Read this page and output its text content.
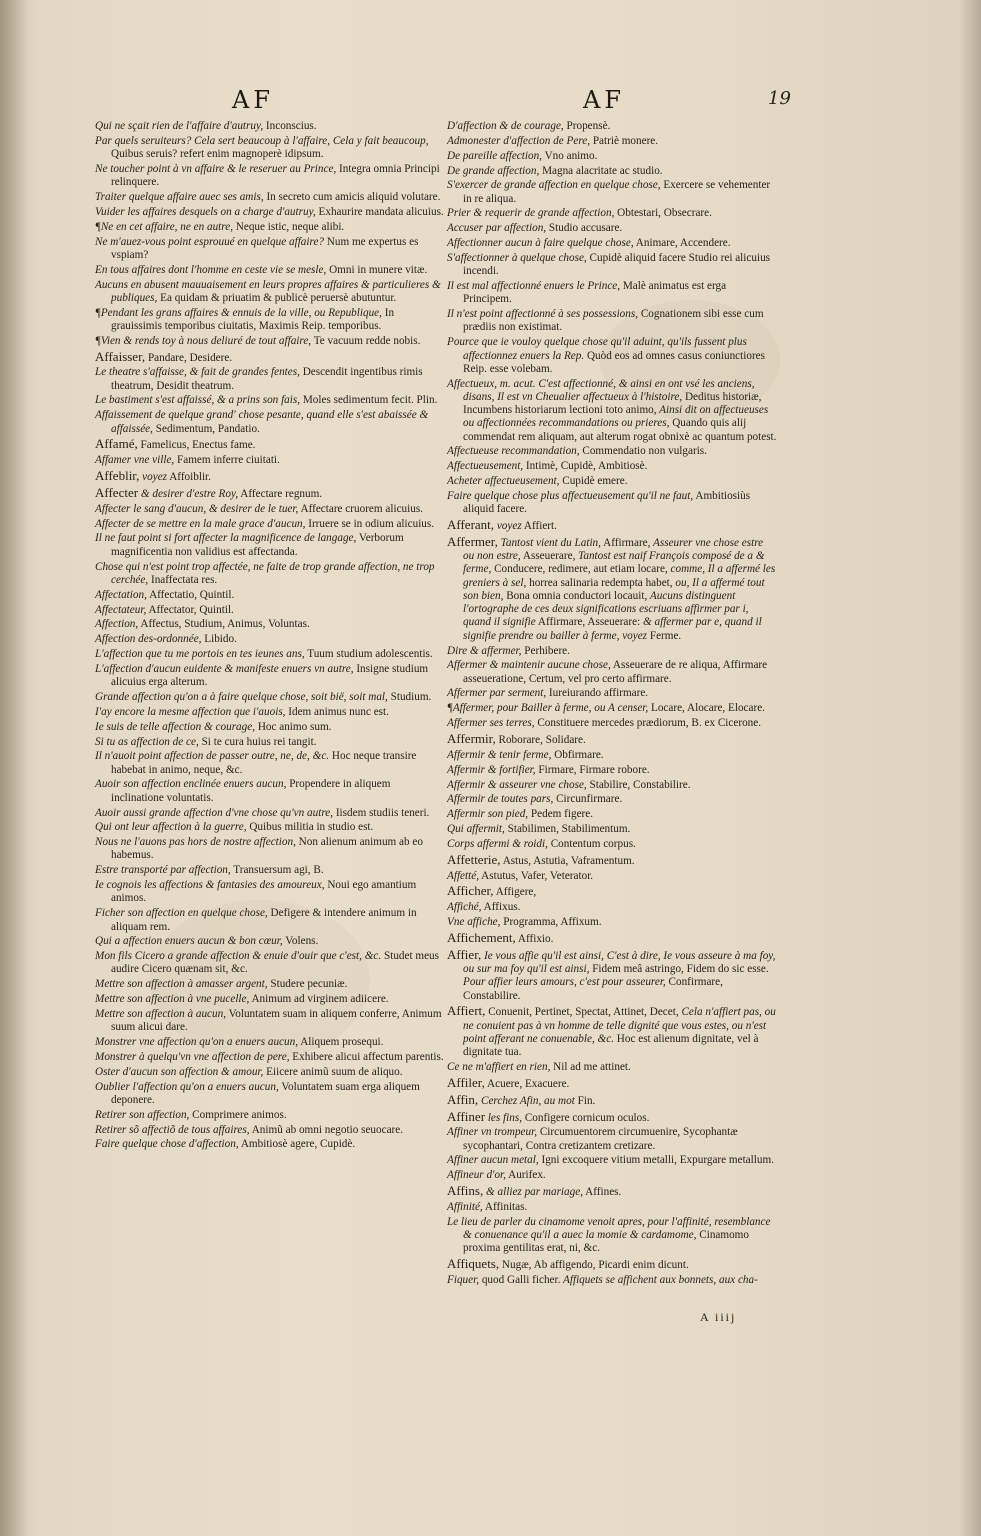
AF	AF	19

Qui ne sçait rien de l'affaire d'autruy, Inconscius.

Par quels seruiteurs? Cela sert beaucoup à l'affaire, Cela y fait beaucoup, Quibus seruis? refert enim magnoperè idipsum.

Ne toucher point à vn affaire & le reseruer au Prince, Integra omnia Principi relinquere.

Traiter quelque affaire auec ses amis, In secreto cum amicis aliquid volutare.

Vuider les affaires desquels on a charge d'autruy, Exhaurire mandata alicuius.

¶Ne en cet affaire, ne en autre, Neque istic, neque alibi.

Ne m'auez-vous point esprouué en quelque affaire? Num me expertus es vspiam?

En tous affaires dont l'homme en ceste vie se mesle, Omni in munere vitæ.

Aucuns en abusent mauuaisement en leurs propres affaires & particulieres & publiques, Ea quidam & priuatim & publicè peruersè abutuntur.

¶Pendant les grans affaires & ennuis de la ville, ou Republique, In grauissimis temporibus ciuitatis, Maximis Reip. temporibus.

¶Vien & rends toy à nous deliuré de tout affaire, Te vacuum redde nobis.

Affaisser, Pandare, Desidere.

Le theatre s'affaisse, & fait de grandes fentes, Descendit ingentibus rimis theatrum, Desidit theatrum.

Le bastiment s'est affaissé, & a prins son fais, Moles sedimentum fecit. Plin.

Affaissement de quelque grand' chose pesante, quand elle s'est abaissée & affaissée, Sedimentum, Pandatio.

Affamé, Famelicus, Enectus fame.

Affamer vne ville, Famem inferre ciuitati.

Affeblir, voyez Affoiblir.

Affecter & desirer d'estre Roy, Affectare regnum.

Affecter le sang d'aucun, & desirer de le tuer, Affectare cruorem alicuius.

Affecter de se mettre en la male grace d'aucun, Irruere se in odium alicuius.

Il ne faut point si fort affecter la magnificence de langage, Verborum magnificentia non validius est affectanda.

Chose qui n'est point trop affectée, ne faite de trop grande affection, ne trop cerchée, Inaffectata res.

Affectation, Affectatio, Quintil.

Affectateur, Affectator, Quintil.

Affection, Affectus, Studium, Animus, Voluntas.

Affection des-ordonnée, Libido.

L'affection que tu me portois en tes ieunes ans, Tuum studium adolescentis.

L'affection d'aucun euidente & manifeste enuers vn autre, Insigne studium alicuius erga alterum.

Grande affection qu'on a à faire quelque chose, soit bië, soit mal, Studium.

I'ay encore la mesme affection que i'auois, Idem animus nunc est.

Ie suis de telle affection & courage, Hoc animo sum.

Si tu as affection de ce, Si te cura huius rei tangit.

Il n'auoit point affection de passer outre, ne, de, &c. Hoc neque transire habebat in animo, neque, &c.

Auoir son affection enclinée enuers aucun, Propendere in aliquem inclinatione voluntatis.

Auoir aussi grande affection d'vne chose qu'vn autre, Iisdem studiis teneri.

Qui ont leur affection à la guerre, Quibus militia in studio est.

Nous ne l'auons pas hors de nostre affection, Non alienum animum ab eo habemus.

Estre transporté par affection, Transuersum agi, B.

Ie cognois les affections & fantasies des amoureux, Noui ego amantium animos.

Ficher son affection en quelque chose, Defigere & intendere animum in aliquam rem.

Qui a affection enuers aucun & bon cœur, Volens.

Mon fils Cicero a grande affection & enuie d'ouir que c'est, &c. Studet meus audire Cicero quænam sit, &c.

Mettre son affection à amasser argent, Studere pecuniæ.

Mettre son affection à vne pucelle, Animum ad virginem adiicere.

Mettre son affection à aucun, Voluntatem suam in aliquem conferre, Animum suum alicui dare.

Monstrer vne affection qu'on a enuers aucun, Aliquem prosequi.

Monstrer à quelqu'vn vne affection de pere, Exhibere alicui affectum parentis.

Oster d'aucun son affection & amour, Eiicere animũ suum de aliquo.

Oublier l'affection qu'on a enuers aucun, Voluntatem suam erga aliquem deponere.

Retirer son affection, Comprimere animos.

Retirer sõ affectiõ de tous affaires, Animũ ab omni negotio seuocare.

Faire quelque chose d'affection, Ambitiosè agere, Cupidè.

D'affection & de courage, Propensè.

Admonester d'affection de Pere, Patriè monere.

De pareille affection, Vno animo.

De grande affection, Magna alacritate ac studio.

S'exercer de grande affection en quelque chose, Exercere se vehementer in re aliqua.

Prier & requerir de grande affection, Obtestari, Obsecrare.

Accuser par affection, Studio accusare.

Affectionner aucun à faire quelque chose, Animare, Accendere.

S'affectionner à quelque chose, Cupidè aliquid facere Studio rei alicuius incendi.

Il est mal affectionné enuers le Prince, Malè animatus est erga Principem.

Il n'est point affectionné à ses possessions, Cognationem sibi esse cum prædiis non existimat.

Pource que ie vouloy quelque chose qu'il aduint, qu'ils fussent plus affectionnez enuers la Rep. Quòd eos ad omnes casus coniunctiores Reip. esse volebam.

Affectueux, m. acut. C'est affectionné, & ainsi en ont vsé les anciens, disans, Il est vn Cheualier affectueux à l'histoire, Deditus historiæ, Incumbens historiarum lectioni toto animo, Ainsi dit on affectueuses ou affectionnées recommandations ou prieres, Quando quis alij commendat rem aliquam, aut alterum rogat obnixè ac quantum potest.

Affectueuse recommandation, Commendatio non vulgaris.

Affectueusement, Intimè, Cupidè, Ambitiosè.

Acheter affectueusement, Cupidè emere.

Faire quelque chose plus affectueusement qu'il ne faut, Ambitiosiùs aliquid facere.

Afferant, voyez Affiert.

Affermer, Tantost vient du Latin, Affirmare, Asseurer vne chose estre ou non estre, Asseuerare, Tantost est naif François composé de a & ferme, Conducere, redimere, aut etiam locare, comme, Il a affermé les greniers à sel, horrea salinaria redempta habet, ou, Il a affermé tout son bien, Bona omnia conductori locauit, Aucuns distinguent l'ortographe de ces deux significations escriuans affirmer par i, quand il signifie Affirmare, Asseuerare: & affermer par e, quand il signifie prendre ou bailler à ferme, voyez Ferme.

Dire & affermer, Perhibere.

Affermer & maintenir aucune chose, Asseuerare de re aliqua, Affirmare asseueratione, Certum, vel pro certo affirmare.

Affermer par serment, Iureiurando affirmare.

¶Affermer, pour Bailler à ferme, ou A censer, Locare, Alocare, Elocare.

Affermer ses terres, Constituere mercedes prædiorum, B. ex Cicerone.

Affermir, Roborare, Solidare.

Affermir & tenir ferme, Obfirmare.

Affermir & fortifier, Firmare, Firmare robore.

Affermir & asseurer vne chose, Stabilire, Constabilire.

Affermir de toutes pars, Circunfirmare.

Affermir son pied, Pedem figere.

Qui affermit, Stabilimen, Stabilimentum.

Corps affermi & roidi, Contentum corpus.

Affetterie, Astus, Astutia, Vaframentum.

Affetté, Astutus, Vafer, Veterator.

Afficher, Affigere,

Affiché, Affixus.

Vne affiche, Programma, Affixum.

Affichement, Affixio.

Affier, Ie vous affie qu'il est ainsi, C'est à dire, Ie vous asseure à ma foy, ou sur ma foy qu'il est ainsi, Fidem meâ astringo, Fidem do sic esse. Pour affier leurs amours, c'est pour asseurer, Confirmare, Constabilire.

Affiert, Conuenit, Pertinet, Spectat, Attinet, Decet, Cela n'affiert pas, ou ne conuient pas à vn homme de telle dignité que vous estes, ou n'est point afferant ne conuenable, &c. Hoc est alienum dignitate, vel à dignitate tua.

Ce ne m'affiert en rien, Nil ad me attinet.

Affiler, Acuere, Exacuere.

Affin, Cerchez Afin, au mot Fin.

Affiner les fins, Configere cornicum oculos.

Affiner vn trompeur, Circumuentorem circumuenire, Sycophantæ sycophantari, Contra cretizantem cretizare.

Affiner aucun metal, Igni excoquere vitium metalli, Expurgare metallum.

Affineur d'or, Aurifex.

Affins, & alliez par mariage, Affines.

Affinité, Affinitas.

Le lieu de parler du cinamome venoit apres, pour l'affinité, resemblance & conuenance qu'il a auec la momie & cardamome, Cinamomo proxima gentilitas erat, ni, &c.

Affiquets, Nugæ, Ab affigendo, Picardi enim dicunt.

Fiquer, quod Galli ficher. Affiquets se affichent aux bonnets, aux cha-

A iiij
